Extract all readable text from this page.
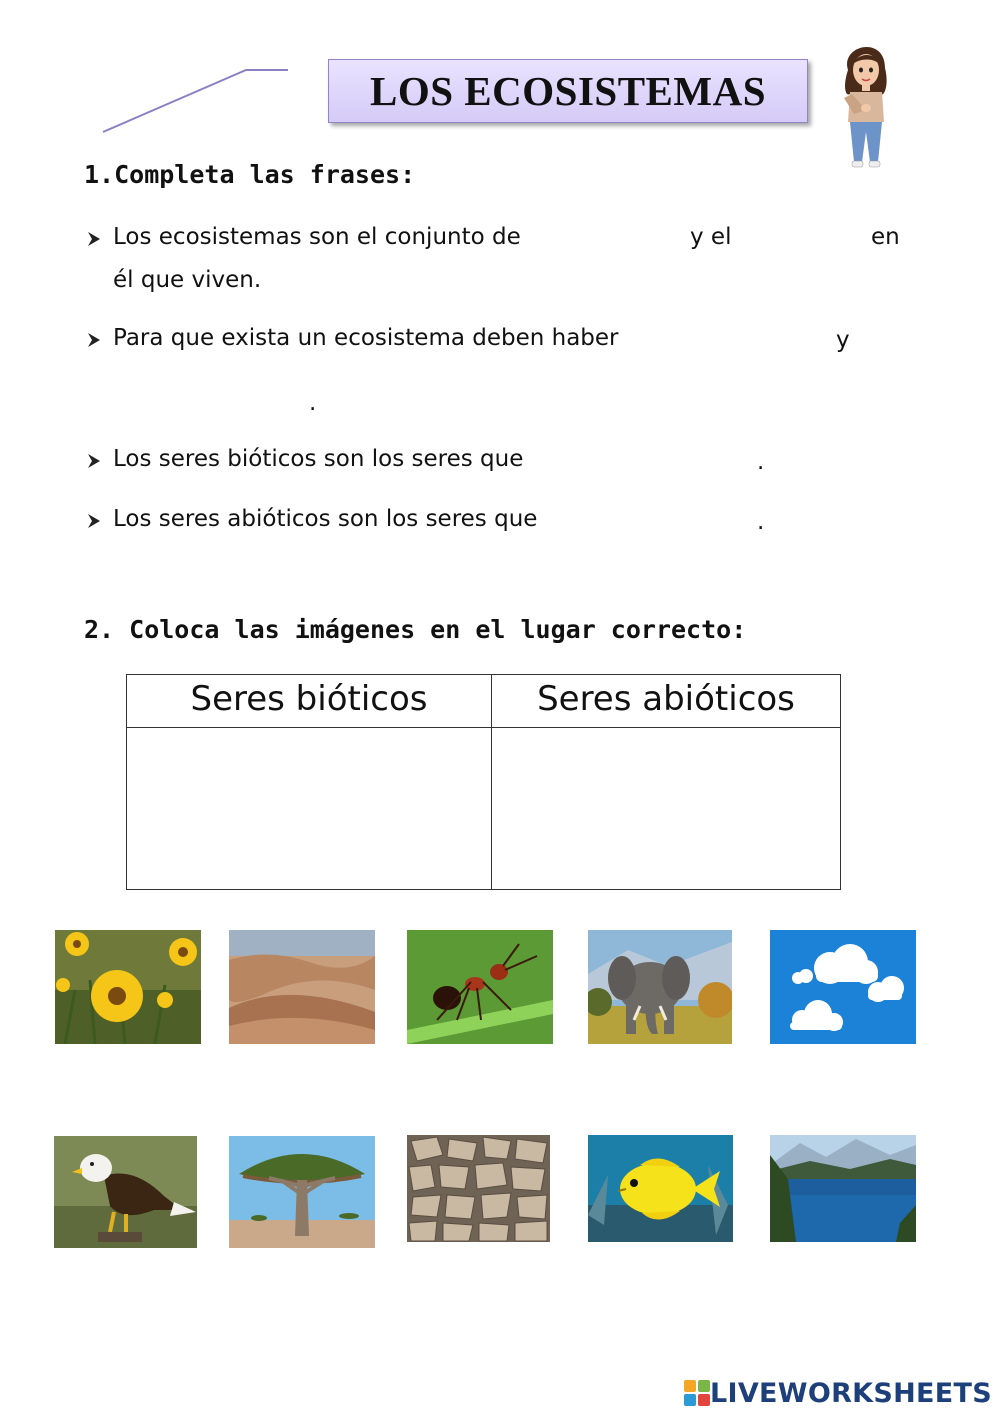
LOS ECOSISTEMAS
1.Completa las frases:
Los ecosistemas son el conjunto de	y el	en
él que viven.
Para que exista un ecosistema deben haber	y
.
Los seres bióticos son los seres que	.
Los seres abióticos son los seres que	.
2. Coloca las imágenes en el lugar correcto:
Seres bióticos	Seres abióticos
LIVEWORKSHEETS
